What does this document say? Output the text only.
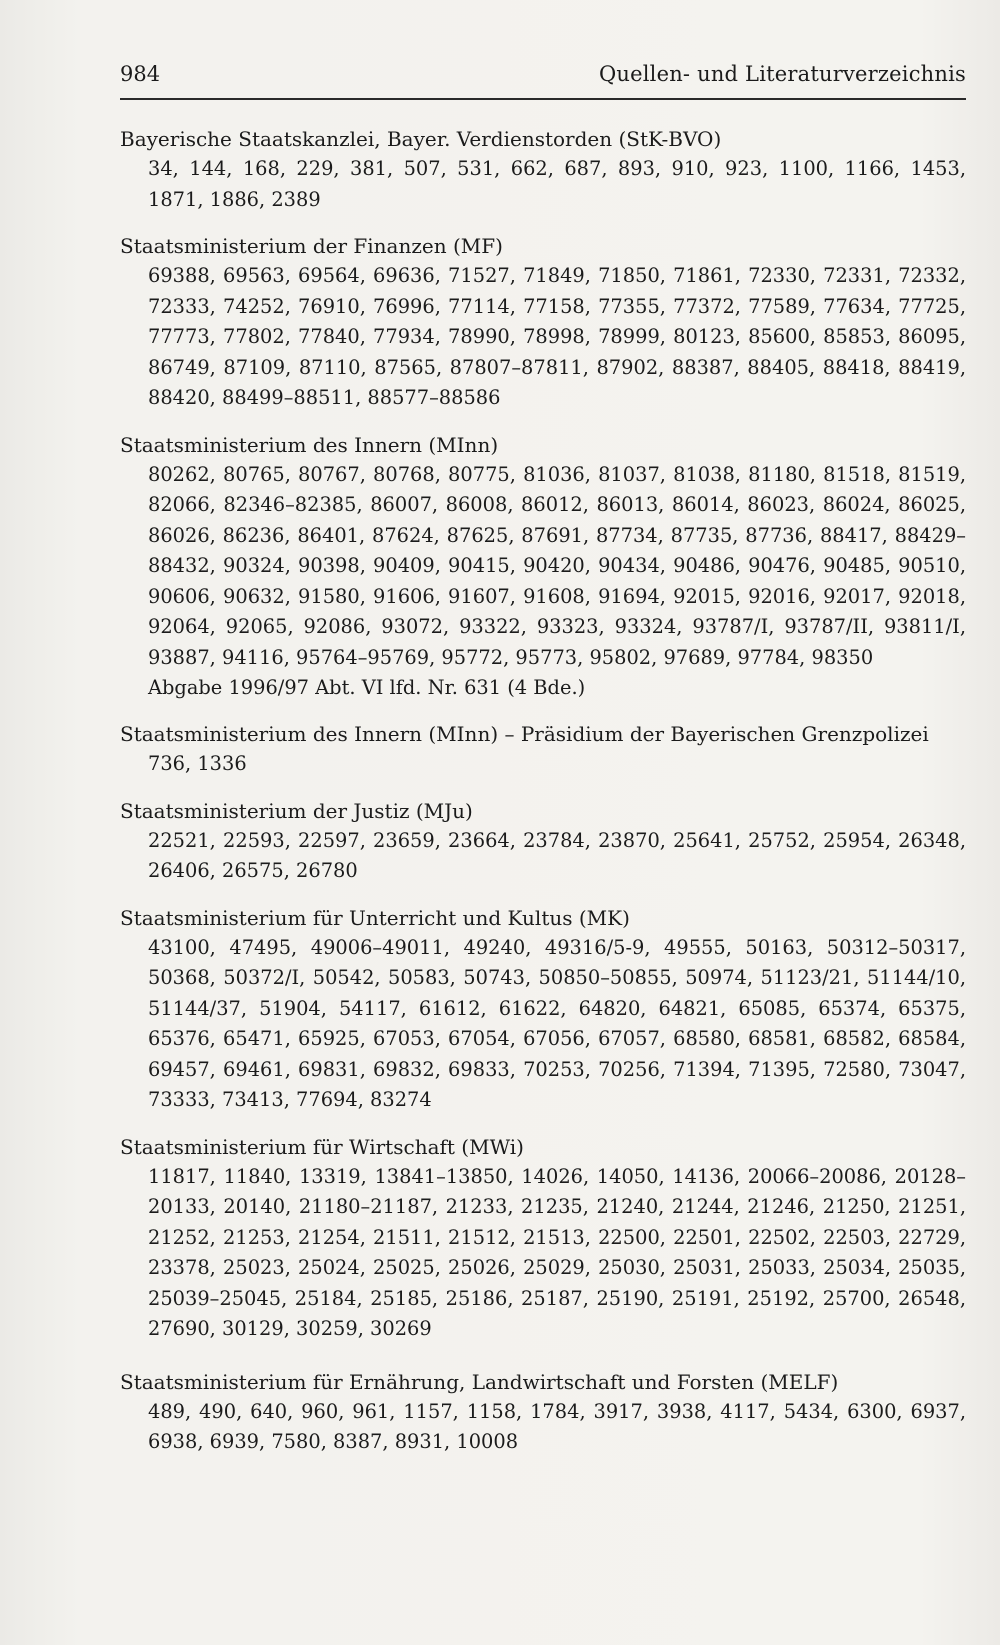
984	Quellen- und Literaturverzeichnis
Bayerische Staatskanzlei, Bayer. Verdienstorden (StK-BVO)
34, 144, 168, 229, 381, 507, 531, 662, 687, 893, 910, 923, 1100, 1166, 1453, 1871, 1886, 2389
Staatsministerium der Finanzen (MF)
69388, 69563, 69564, 69636, 71527, 71849, 71850, 71861, 72330, 72331, 72332, 72333, 74252, 76910, 76996, 77114, 77158, 77355, 77372, 77589, 77634, 77725, 77773, 77802, 77840, 77934, 78990, 78998, 78999, 80123, 85600, 85853, 86095, 86749, 87109, 87110, 87565, 87807–87811, 87902, 88387, 88405, 88418, 88419, 88420, 88499–88511, 88577–88586
Staatsministerium des Innern (MInn)
80262, 80765, 80767, 80768, 80775, 81036, 81037, 81038, 81180, 81518, 81519, 82066, 82346–82385, 86007, 86008, 86012, 86013, 86014, 86023, 86024, 86025, 86026, 86236, 86401, 87624, 87625, 87691, 87734, 87735, 87736, 88417, 88429–88432, 90324, 90398, 90409, 90415, 90420, 90434, 90486, 90476, 90485, 90510, 90606, 90632, 91580, 91606, 91607, 91608, 91694, 92015, 92016, 92017, 92018, 92064, 92065, 92086, 93072, 93322, 93323, 93324, 93787/I, 93787/II, 93811/I, 93887, 94116, 95764–95769, 95772, 95773, 95802, 97689, 97784, 98350
Abgabe 1996/97 Abt. VI lfd. Nr. 631 (4 Bde.)
Staatsministerium des Innern (MInn) – Präsidium der Bayerischen Grenzpolizei
736, 1336
Staatsministerium der Justiz (MJu)
22521, 22593, 22597, 23659, 23664, 23784, 23870, 25641, 25752, 25954, 26348, 26406, 26575, 26780
Staatsministerium für Unterricht und Kultus (MK)
43100, 47495, 49006–49011, 49240, 49316/5-9, 49555, 50163, 50312–50317, 50368, 50372/I, 50542, 50583, 50743, 50850–50855, 50974, 51123/21, 51144/10, 51144/37, 51904, 54117, 61612, 61622, 64820, 64821, 65085, 65374, 65375, 65376, 65471, 65925, 67053, 67054, 67056, 67057, 68580, 68581, 68582, 68584, 69457, 69461, 69831, 69832, 69833, 70253, 70256, 71394, 71395, 72580, 73047, 73333, 73413, 77694, 83274
Staatsministerium für Wirtschaft (MWi)
11817, 11840, 13319, 13841–13850, 14026, 14050, 14136, 20066–20086, 20128–20133, 20140, 21180–21187, 21233, 21235, 21240, 21244, 21246, 21250, 21251, 21252, 21253, 21254, 21511, 21512, 21513, 22500, 22501, 22502, 22503, 22729, 23378, 25023, 25024, 25025, 25026, 25029, 25030, 25031, 25033, 25034, 25035, 25039–25045, 25184, 25185, 25186, 25187, 25190, 25191, 25192, 25700, 26548, 27690, 30129, 30259, 30269
Staatsministerium für Ernährung, Landwirtschaft und Forsten (MELF)
489, 490, 640, 960, 961, 1157, 1158, 1784, 3917, 3938, 4117, 5434, 6300, 6937, 6938, 6939, 7580, 8387, 8931, 10008
